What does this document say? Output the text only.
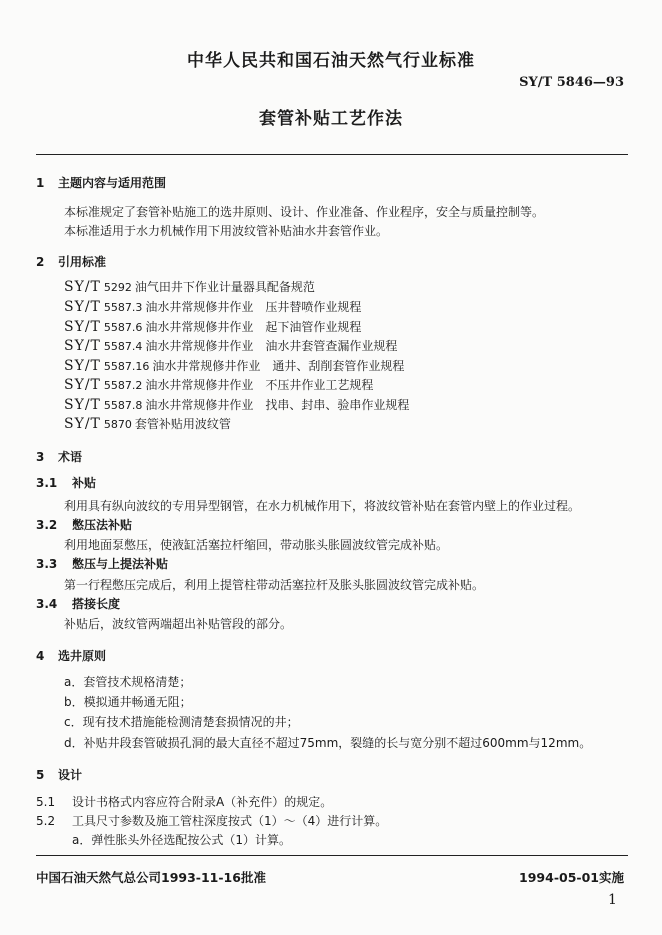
中华人民共和国石油天然气行业标准
SY/T 5846—93
套管补贴工艺作法
1 主题内容与适用范围
本标准规定了套管补贴施工的选井原则、设计、作业准备、作业程序，安全与质量控制等。
本标准适用于水力机械作用下用波纹管补贴油水井套管作业。
2 引用标准
SY/T 5292 油气田井下作业计量器具配备规范
SY/T 5587.3 油水井常规修井作业　压井替喷作业规程
SY/T 5587.6 油水井常规修井作业　起下油管作业规程
SY/T 5587.4 油水井常规修井作业　油水井套管查漏作业规程
SY/T 5587.16 油水井常规修井作业　通井、刮削套管作业规程
SY/T 5587.2 油水井常规修井作业　不压井作业工艺规程
SY/T 5587.8 油水井常规修井作业　找串、封串、验串作业规程
SY/T 5870 套管补贴用波纹管
3 术语
3.1 补贴
利用具有纵向波纹的专用异型钢管，在水力机械作用下，将波纹管补贴在套管内壁上的作业过程。
3.2 憋压法补贴
利用地面泵憋压，使液缸活塞拉杆缩回，带动胀头胀圆波纹管完成补贴。
3.3 憋压与上提法补贴
第一行程憋压完成后，利用上提管柱带动活塞拉杆及胀头胀圆波纹管完成补贴。
3.4 搭接长度
补贴后，波纹管两端超出补贴管段的部分。
4 选井原则
a．套管技术规格清楚；
b．模拟通井畅通无阻；
c．现有技术措施能检测清楚套损情况的井；
d．补贴井段套管破损孔洞的最大直径不超过75mm，裂缝的长与宽分别不超过600mm与12mm。
5 设计
5.1 设计书格式内容应符合附录A（补充件）的规定。
5.2 工具尺寸参数及施工管柱深度按式（1）～（4）进行计算。
a．弹性胀头外径选配按公式（1）计算。
中国石油天然气总公司1993-11-16批准	1994-05-01实施
1
